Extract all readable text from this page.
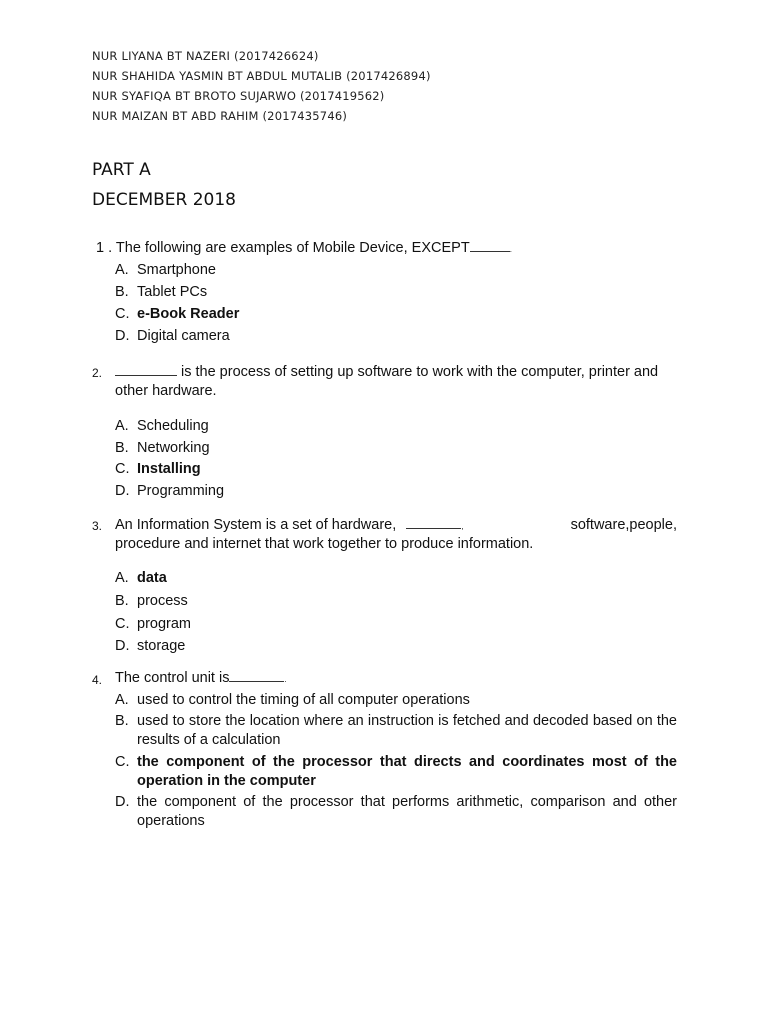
NUR LIYANA BT NAZERI (2017426624)
NUR SHAHIDA YASMIN BT ABDUL MUTALIB (2017426894)
NUR SYAFIQA BT BROTO SUJARWO (2017419562)
NUR MAIZAN BT ABD RAHIM (2017435746)
PART A
DECEMBER 2018
1 . The following are examples of Mobile Device, EXCEPT	.
A. Smartphone
B. Tablet PCs
C. e-Book Reader
D. Digital camera
2.	is the process of setting up software to work with the computer, printer and
other hardware.
A. Scheduling
B. Networking
C. Installing
D. Programming
3. An Information System is a set of hardware,	,	software,people,
procedure and internet that work together to produce information.
A. data
B. process
C. program
D. storage
4. The control unit is	.
A. used to control the timing of all computer operations
B. used to store the location where an instruction is fetched and decoded based on the results of a calculation
C. the component of the processor that directs and coordinates most of the operation in the computer
D. the component of the processor that performs arithmetic, comparison and other operations
